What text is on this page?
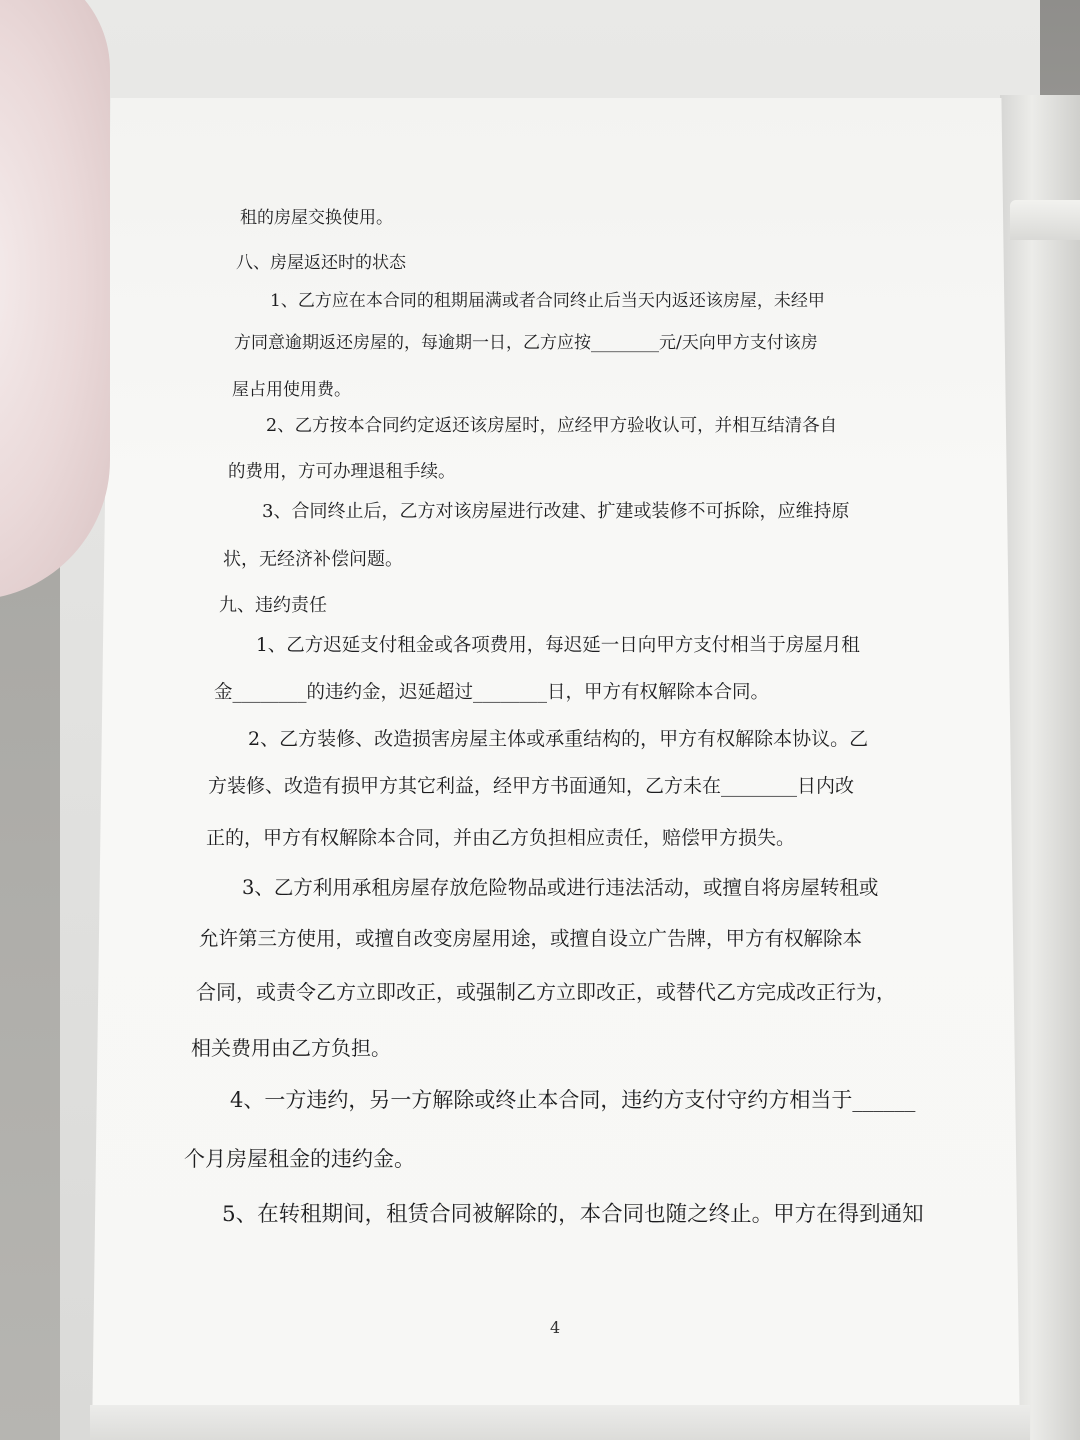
租的房屋交换使用。
八、房屋返还时的状态
1、乙方应在本合同的租期届满或者合同终止后当天内返还该房屋，未经甲
方同意逾期返还房屋的，每逾期一日，乙方应按________元/天向甲方支付该房
屋占用使用费。
2、乙方按本合同约定返还该房屋时，应经甲方验收认可，并相互结清各自
的费用，方可办理退租手续。
3、合同终止后，乙方对该房屋进行改建、扩建或装修不可拆除，应维持原
状，无经济补偿问题。
九、违约责任
1、乙方迟延支付租金或各项费用，每迟延一日向甲方支付相当于房屋月租
金________的违约金，迟延超过________日，甲方有权解除本合同。
2、乙方装修、改造损害房屋主体或承重结构的，甲方有权解除本协议。乙
方装修、改造有损甲方其它利益，经甲方书面通知，乙方未在________日内改
正的，甲方有权解除本合同，并由乙方负担相应责任，赔偿甲方损失。
3、乙方利用承租房屋存放危险物品或进行违法活动，或擅自将房屋转租或
允许第三方使用，或擅自改变房屋用途，或擅自设立广告牌，甲方有权解除本
合同，或责令乙方立即改正，或强制乙方立即改正，或替代乙方完成改正行为，
相关费用由乙方负担。
4、一方违约，另一方解除或终止本合同，违约方支付守约方相当于______
个月房屋租金的违约金。
5、在转租期间，租赁合同被解除的，本合同也随之终止。甲方在得到通知
4
